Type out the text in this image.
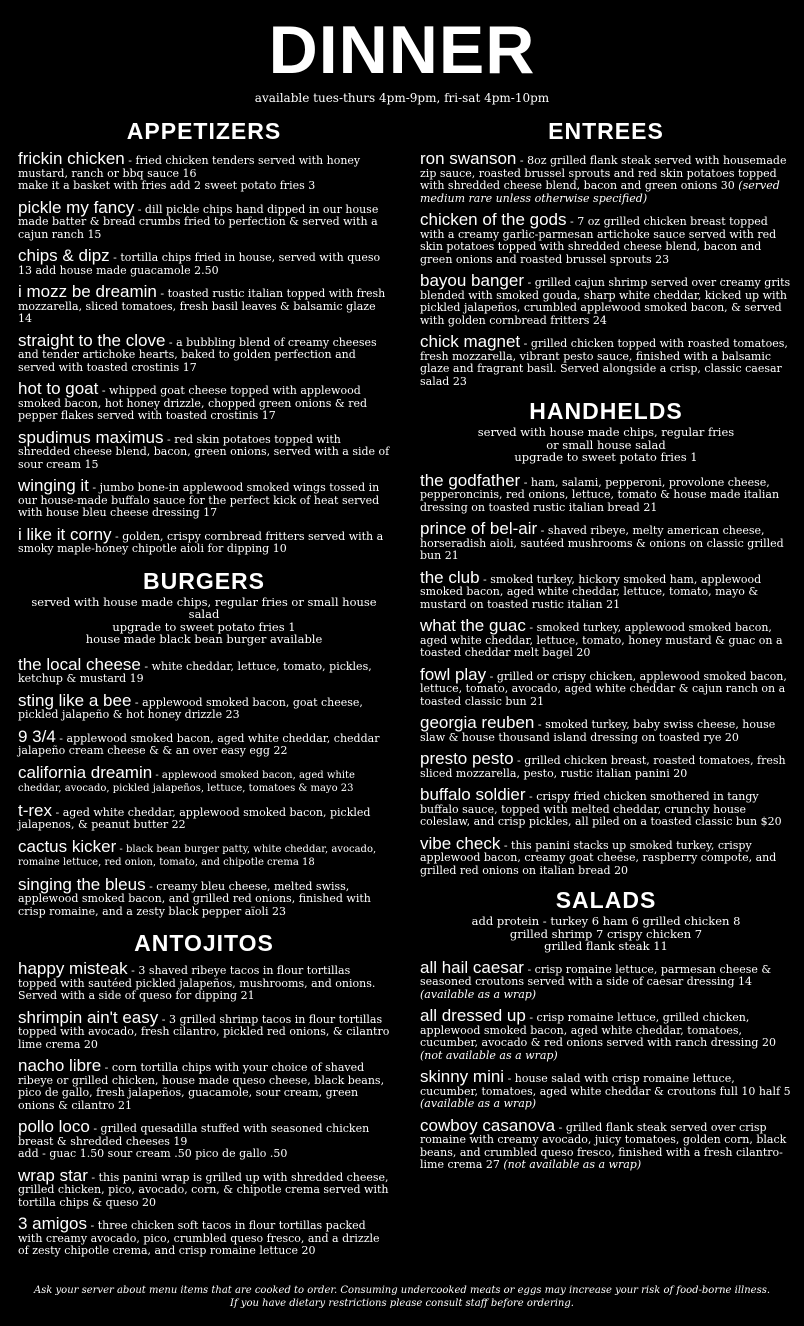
DINNER
available tues-thurs 4pm-9pm, fri-sat 4pm-10pm
APPETIZERS
frickin chicken - fried chicken tenders served with honey mustard, ranch or bbq sauce 16
make it a basket with fries add 2 sweet potato fries 3
pickle my fancy - dill pickle chips hand dipped in our house made batter & bread crumbs fried to perfection & served with a cajun ranch 15
chips & dipz - tortilla chips fried in house, served with queso 13 add house made guacamole 2.50
i mozz be dreamin - toasted rustic italian topped with fresh mozzarella, sliced tomatoes, fresh basil leaves & balsamic glaze 14
straight to the clove - a bubbling blend of creamy cheeses and tender artichoke hearts, baked to golden perfection and served with toasted crostinis 17
hot to goat - whipped goat cheese topped with applewood smoked bacon, hot honey drizzle, chopped green onions & red pepper flakes served with toasted crostinis 17
spudimus maximus - red skin potatoes topped with shredded cheese blend, bacon, green onions, served with a side of sour cream 15
winging it - jumbo bone-in applewood smoked wings tossed in our house-made buffalo sauce for the perfect kick of heat served with house bleu cheese dressing 17
i like it corny - golden, crispy cornbread fritters served with a smoky maple-honey chipotle aioli for dipping 10
BURGERS
served with house made chips, regular fries or small house salad
upgrade to sweet potato fries 1
house made black bean burger available
the local cheese - white cheddar, lettuce, tomato, pickles, ketchup & mustard 19
sting like a bee - applewood smoked bacon, goat cheese, pickled jalapeño & hot honey drizzle 23
9 3/4 - applewood smoked bacon, aged white cheddar, cheddar jalapeño cream cheese & & an over easy egg 22
california dreamin - applewood smoked bacon, aged white cheddar, avocado, pickled jalapeños, lettuce, tomatoes & mayo 23
t-rex - aged white cheddar, applewood smoked bacon, pickled jalapenos, & peanut butter 22
cactus kicker - black bean burger patty, white cheddar, avocado, romaine lettuce, red onion, tomato, and chipotle crema 18
singing the bleus - creamy bleu cheese, melted swiss, applewood smoked bacon, and grilled red onions, finished with crisp romaine, and a zesty black pepper aïoli 23
ANTOJITOS
happy misteak - 3 shaved ribeye tacos in flour tortillas topped with sautéed pickled jalapeños, mushrooms, and onions. Served with a side of queso for dipping 21
shrimpin ain't easy - 3 grilled shrimp tacos in flour tortillas topped with avocado, fresh cilantro, pickled red onions, & cilantro lime crema 20
nacho libre - corn tortilla chips with your choice of shaved ribeye or grilled chicken, house made queso cheese, black beans, pico de gallo, fresh jalapeños, guacamole, sour cream, green onions & cilantro 21
pollo loco - grilled quesadilla stuffed with seasoned chicken breast & shredded cheeses 19
add - guac 1.50 sour cream .50 pico de gallo .50
wrap star - this panini wrap is grilled up with shredded cheese, grilled chicken, pico, avocado, corn, & chipotle crema served with tortilla chips & queso 20
3 amigos - three chicken soft tacos in flour tortillas packed with creamy avocado, pico, crumbled queso fresco, and a drizzle of zesty chipotle crema, and crisp romaine lettuce 20
ENTREES
ron swanson - 8oz grilled flank steak served with housemade zip sauce, roasted brussel sprouts and red skin potatoes topped with shredded cheese blend, bacon and green onions 30 (served medium rare unless otherwise specified)
chicken of the gods - 7 oz grilled chicken breast topped with a creamy garlic-parmesan artichoke sauce served with red skin potatoes topped with shredded cheese blend, bacon and green onions and roasted brussel sprouts 23
bayou banger - grilled cajun shrimp served over creamy grits blended with smoked gouda, sharp white cheddar, kicked up with pickled jalapeños, crumbled applewood smoked bacon, & served with golden cornbread fritters 24
chick magnet - grilled chicken topped with roasted tomatoes, fresh mozzarella, vibrant pesto sauce, finished with a balsamic glaze and fragrant basil. Served alongside a crisp, classic caesar salad 23
HANDHELDS
served with house made chips, regular fries
or small house salad
upgrade to sweet potato fries 1
the godfather - ham, salami, pepperoni, provolone cheese, pepperoncinis, red onions, lettuce, tomato & house made italian dressing on toasted rustic italian bread 21
prince of bel-air - shaved ribeye, melty american cheese, horseradish aioli, sautéed mushrooms & onions on classic grilled bun 21
the club - smoked turkey, hickory smoked ham, applewood smoked bacon, aged white cheddar, lettuce, tomato, mayo & mustard on toasted rustic italian 21
what the guac - smoked turkey, applewood smoked bacon, aged white cheddar, lettuce, tomato, honey mustard & guac on a toasted cheddar melt bagel 20
fowl play - grilled or crispy chicken, applewood smoked bacon, lettuce, tomato, avocado, aged white cheddar & cajun ranch on a toasted classic bun 21
georgia reuben - smoked turkey, baby swiss cheese, house slaw & house thousand island dressing on toasted rye 20
presto pesto - grilled chicken breast, roasted tomatoes, fresh sliced mozzarella, pesto, rustic italian panini 20
buffalo soldier - crispy fried chicken smothered in tangy buffalo sauce, topped with melted cheddar, crunchy house coleslaw, and crisp pickles, all piled on a toasted classic bun $20
vibe check - this panini stacks up smoked turkey, crispy applewood bacon, creamy goat cheese, raspberry compote, and grilled red onions on italian bread 20
SALADS
add protein - turkey 6 ham 6 grilled chicken 8
grilled shrimp 7 crispy chicken 7
grilled flank steak 11
all hail caesar - crisp romaine lettuce, parmesan cheese & seasoned croutons served with a side of caesar dressing 14 (available as a wrap)
all dressed up - crisp romaine lettuce, grilled chicken, applewood smoked bacon, aged white cheddar, tomatoes, cucumber, avocado & red onions served with ranch dressing 20 (not available as a wrap)
skinny mini - house salad with crisp romaine lettuce, cucumber, tomatoes, aged white cheddar & croutons full 10 half 5 (available as a wrap)
cowboy casanova - grilled flank steak served over crisp romaine with creamy avocado, juicy tomatoes, golden corn, black beans, and crumbled queso fresco, finished with a fresh cilantro-lime crema 27 (not available as a wrap)
Ask your server about menu items that are cooked to order. Consuming undercooked meats or eggs may increase your risk of food-borne illness.
If you have dietary restrictions please consult staff before ordering.
